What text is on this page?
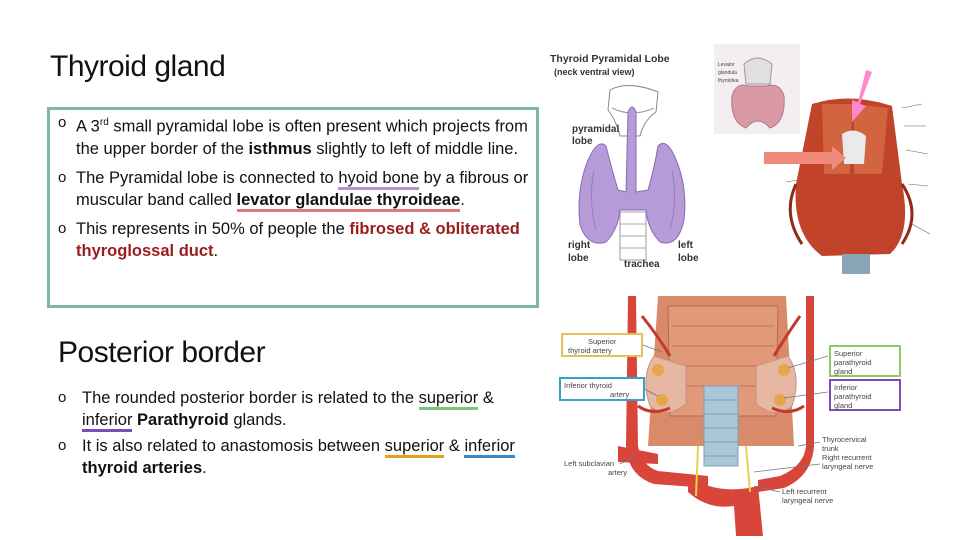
Thyroid gland
o A 3rd small pyramidal lobe is often present which projects from the upper border of the isthmus slightly to left of middle line.
o The Pyramidal lobe is connected to hyoid bone by a fibrous or muscular band called levator glandulae thyroideae.
o This represents in 50% of people the fibrosed & obliterated thyroglossal duct.
Posterior border
o The rounded posterior border is related to the superior & inferior Parathyroid glands.
o It is also related to anastomosis between superior & inferior thyroid arteries.
Thyroid Pyramidal Lobe
(neck ventral view)
pyramidal
lobe
right
lobe
trachea
left
lobe
Levator
glandula
thyroidea
Superior
thyroid artery
Inferior thyroid
artery
Left subclavian
artery
Superior
parathyroid
gland
Inferior
parathyroid
gland
Thyrocervical
trunk
Right recurrent
laryngeal nerve
Left recurrent
laryngeal nerve
